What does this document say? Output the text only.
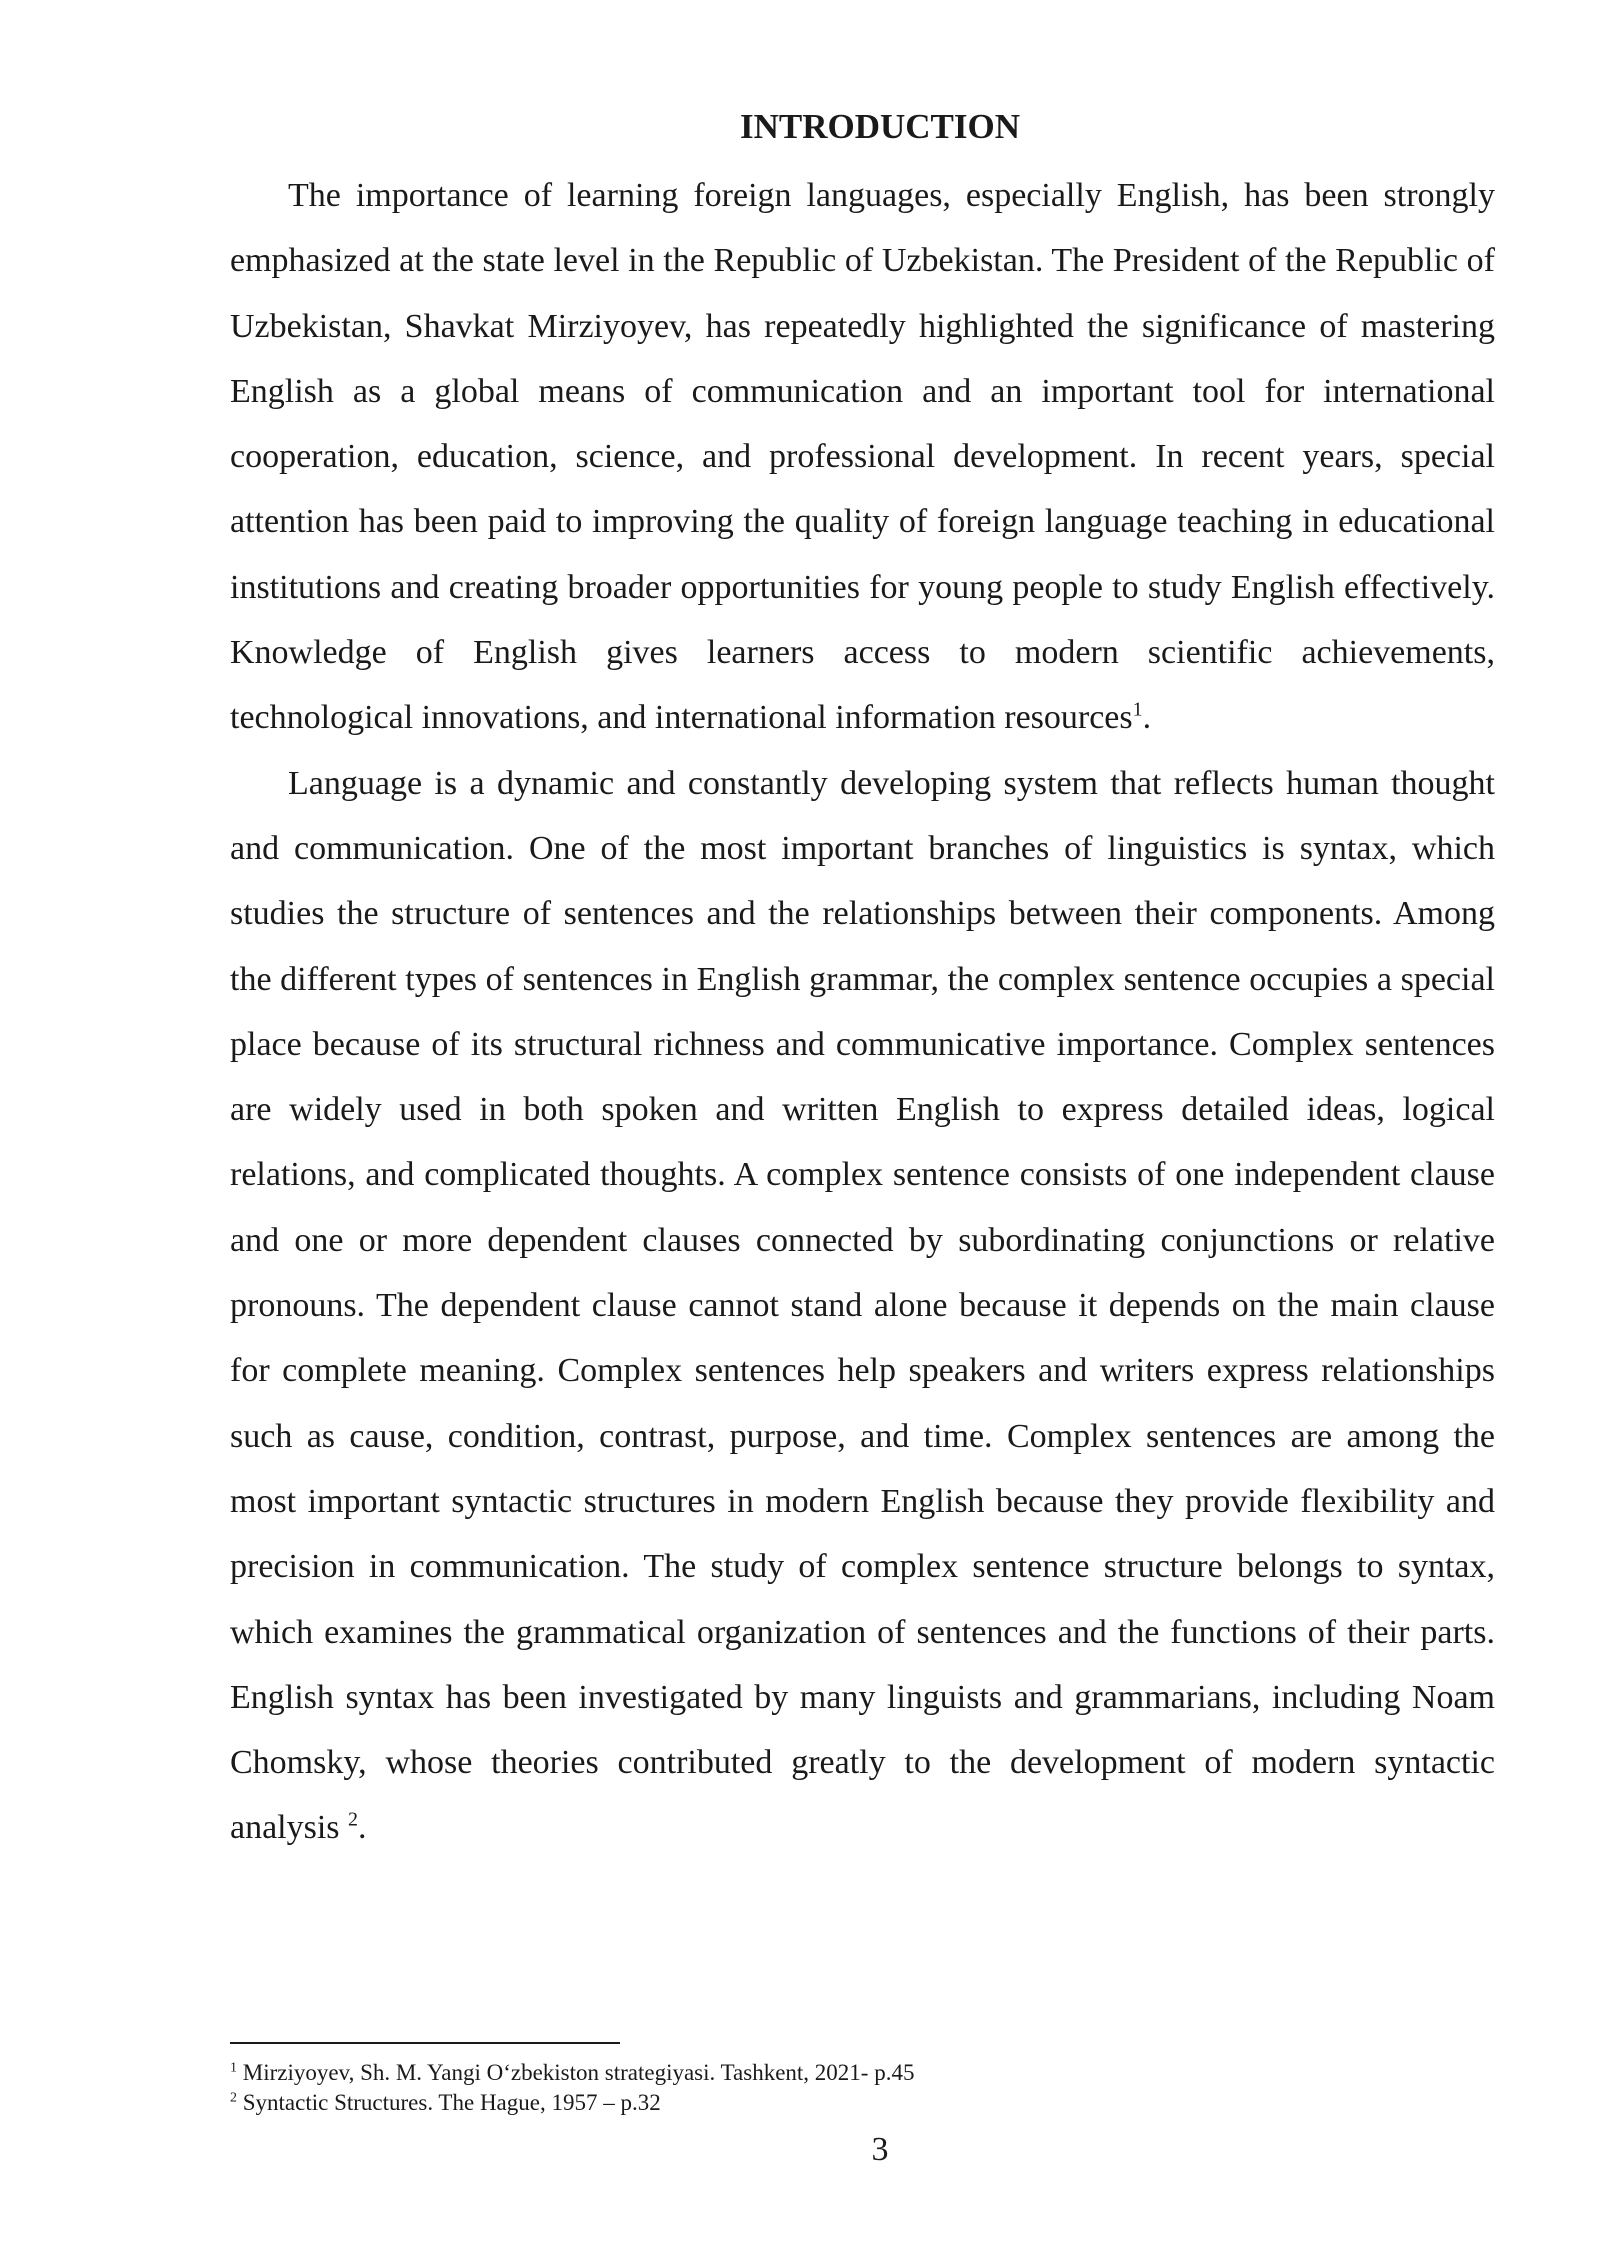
INTRODUCTION

The importance of learning foreign languages, especially English, has been strongly emphasized at the state level in the Republic of Uzbekistan. The President of the Republic of Uzbekistan, Shavkat Mirziyoyev, has repeatedly highlighted the significance of mastering English as a global means of communication and an important tool for international cooperation, education, science, and professional development. In recent years, special attention has been paid to improving the quality of foreign language teaching in educational institutions and creating broader opportunities for young people to study English effectively. Knowledge of English gives learners access to modern scientific achievements, technological innovations, and international information resources$^1$.

Language is a dynamic and constantly developing system that reflects human thought and communication. One of the most important branches of linguistics is syntax, which studies the structure of sentences and the relationships between their components. Among the different types of sentences in English grammar, the complex sentence occupies a special place because of its structural richness and communicative importance. Complex sentences are widely used in both spoken and written English to express detailed ideas, logical relations, and complicated thoughts. A complex sentence consists of one independent clause and one or more dependent clauses connected by subordinating conjunctions or relative pronouns. The dependent clause cannot stand alone because it depends on the main clause for complete meaning. Complex sentences help speakers and writers express relationships such as cause, condition, contrast, purpose, and time. Complex sentences are among the most important syntactic structures in modern English because they provide flexibility and precision in communication. The study of complex sentence structure belongs to syntax, which examines the grammatical organization of sentences and the functions of their parts. English syntax has been investigated by many linguists and grammarians, including Noam Chomsky, whose theories contributed greatly to the development of modern syntactic analysis $^2$.

$^1$ Mirziyoyev, Sh. M. Yangi O‘zbekiston strategiyasi. Tashkent, 2021- p.45

$^2$ Syntactic Structures. The Hague, 1957 – p.32

3
